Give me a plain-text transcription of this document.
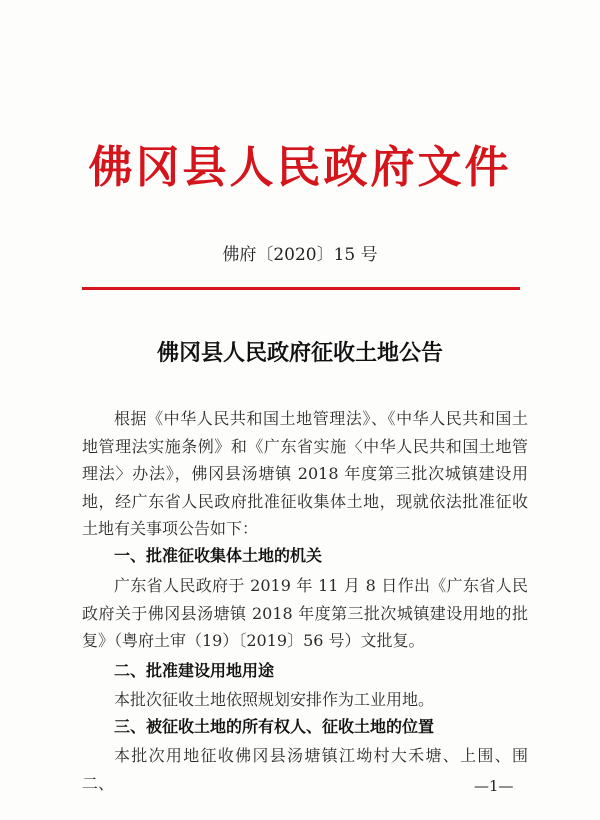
佛冈县人民政府文件
佛府〔2020〕15 号
佛冈县人民政府征收土地公告
根据《中华人民共和国土地管理法》、《中华人民共和国土地管理法实施条例》和《广东省实施〈中华人民共和国土地管理法〉办法》，佛冈县汤塘镇 2018 年度第三批次城镇建设用地，经广东省人民政府批准征收集体土地，现就依法批准征收土地有关事项公告如下：
一、批准征收集体土地的机关
广东省人民政府于 2019 年 11 月 8 日作出《广东省人民政府关于佛冈县汤塘镇 2018 年度第三批次城镇建设用地的批复》（粤府土审（19）〔2019〕56 号）文批复。
二、批准建设用地用途
本批次征收土地依照规划安排作为工业用地。
三、被征收土地的所有权人、征收土地的位置
本批次用地征收佛冈县汤塘镇江坳村大禾塘、上围、围二、	—1—
